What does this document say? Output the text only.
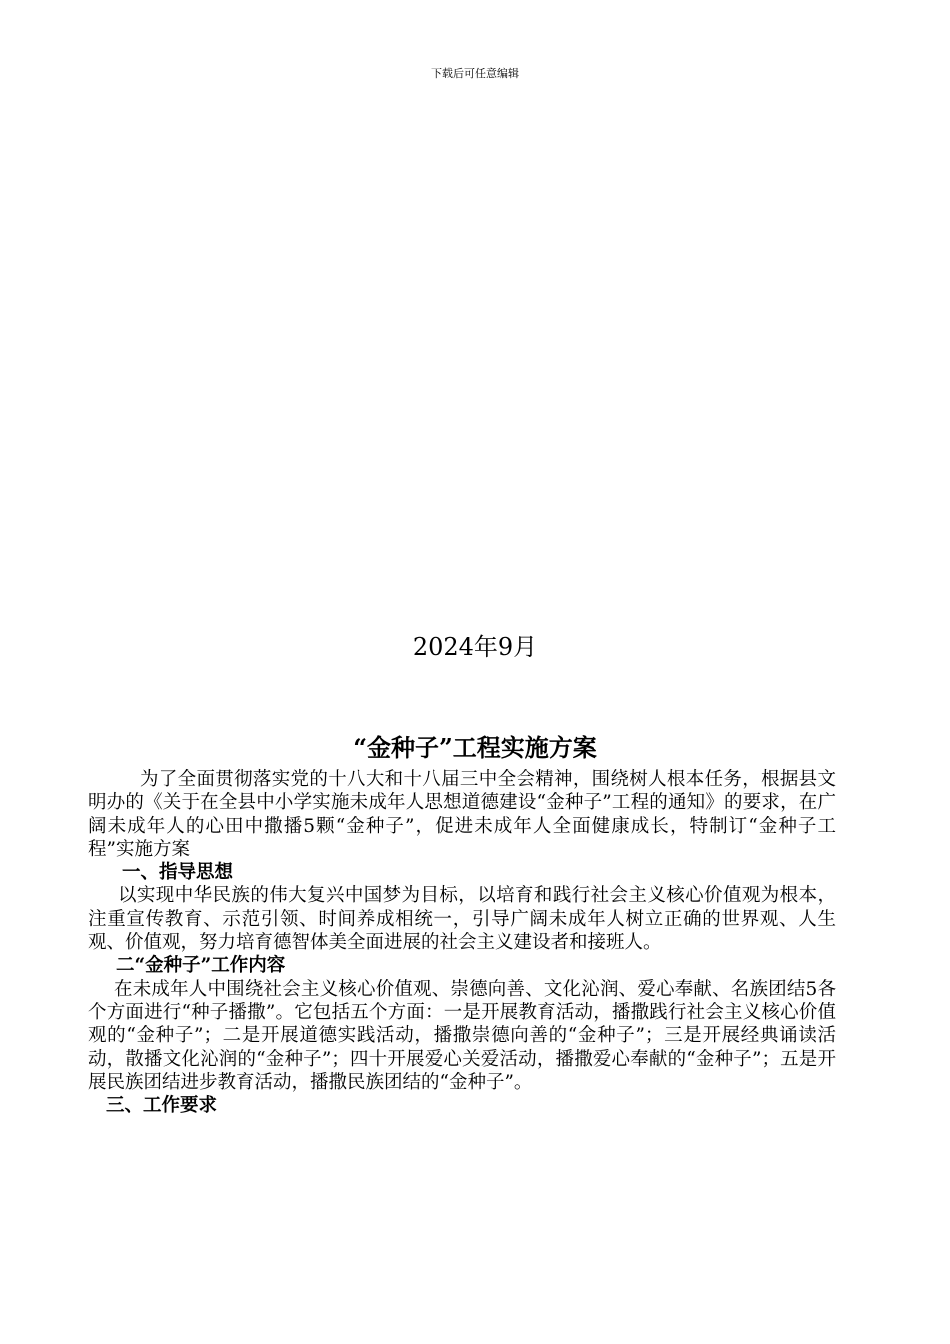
下载后可任意编辑
2024年9月
“金种子”工程实施方案

为了全面贯彻落实党的十八大和十八届三中全会精神，围绕树人根本任务，根据县文明办的《关于在全县中小学实施未成年人思想道德建设“金种子”工程的通知》的要求，在广阔未成年人的心田中撒播5颗“金种子”，促进未成年人全面健康成长，特制订“金种子工程”实施方案

一、指导思想

以实现中华民族的伟大复兴中国梦为目标，以培育和践行社会主义核心价值观为根本，注重宣传教育、示范引领、时间养成相统一，引导广阔未成年人树立正确的世界观、人生观、价值观，努力培育德智体美全面进展的社会主义建设者和接班人。

二“金种子”工作内容

在未成年人中围绕社会主义核心价值观、崇德向善、文化沁润、爱心奉献、名族团结5各个方面进行“种子播撒”。它包括五个方面：一是开展教育活动，播撒践行社会主义核心价值观的“金种子”；二是开展道德实践活动，播撒崇德向善的“金种子”；三是开展经典诵读活动，散播文化沁润的“金种子”；四十开展爱心关爱活动，播撒爱心奉献的“金种子”；五是开展民族团结进步教育活动，播撒民族团结的“金种子”。

三、工作要求
